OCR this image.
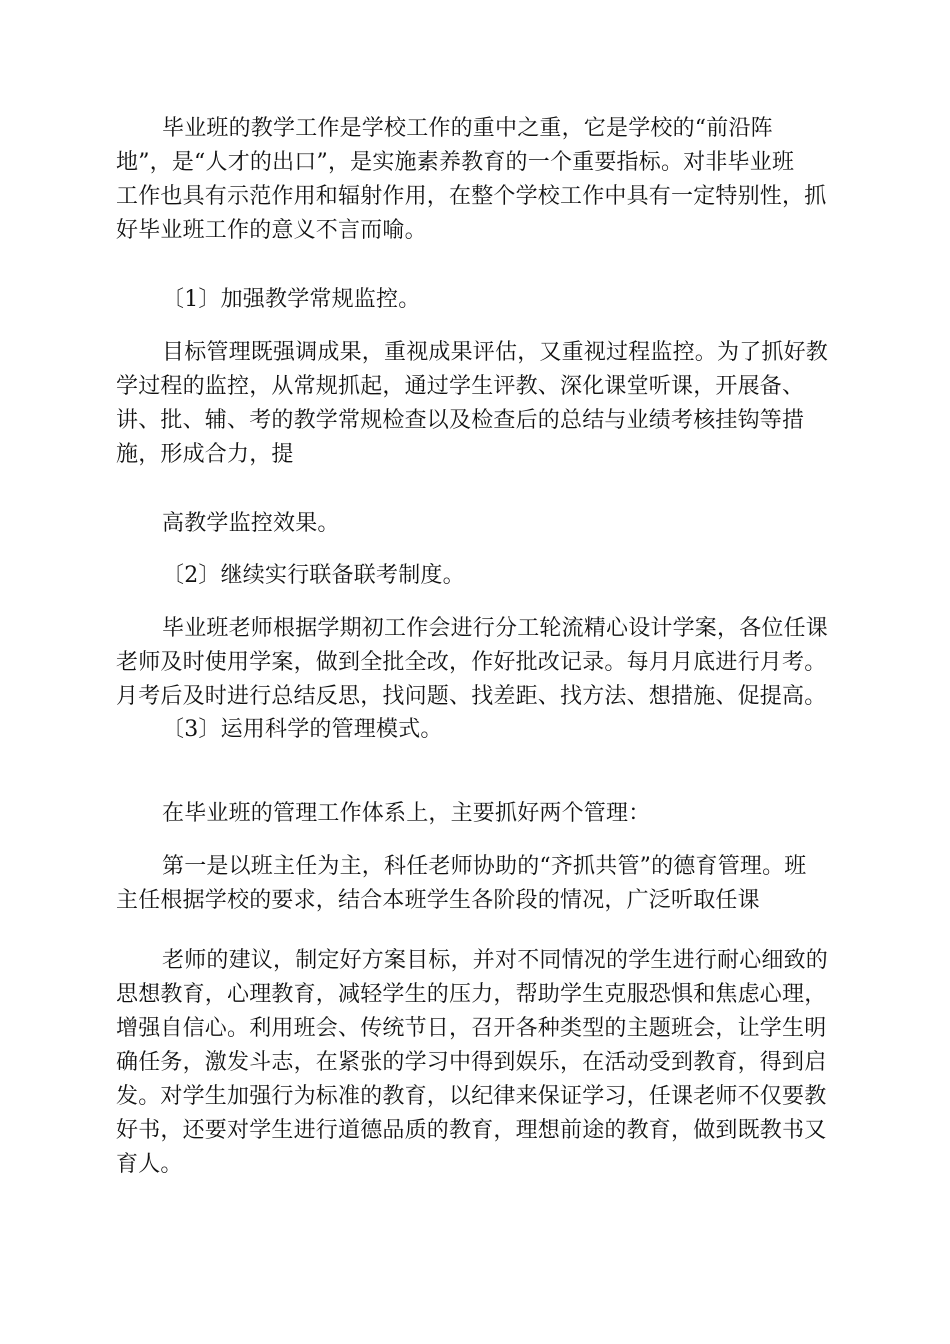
毕业班的教学工作是学校工作的重中之重，它是学校的“前沿阵
地”，是“人才的出口”，是实施素养教育的一个重要指标。对非毕业班
工作也具有示范作用和辐射作用，在整个学校工作中具有一定特别性，抓
好毕业班工作的意义不言而喻。
〔1〕加强教学常规监控。
目标管理既强调成果，重视成果评估，又重视过程监控。为了抓好教
学过程的监控，从常规抓起，通过学生评教、深化课堂听课，开展备、
讲、批、辅、考的教学常规检查以及检查后的总结与业绩考核挂钩等措
施，形成合力，提
高教学监控效果。
〔2〕继续实行联备联考制度。
毕业班老师根据学期初工作会进行分工轮流精心设计学案，各位任课
老师及时使用学案，做到全批全改，作好批改记录。每月月底进行月考。
月考后及时进行总结反思，找问题、找差距、找方法、想措施、促提高。
〔3〕运用科学的管理模式。
在毕业班的管理工作体系上，主要抓好两个管理：
第一是以班主任为主，科任老师协助的“齐抓共管”的德育管理。班
主任根据学校的要求，结合本班学生各阶段的情况，广泛听取任课
老师的建议，制定好方案目标，并对不同情况的学生进行耐心细致的
思想教育，心理教育，减轻学生的压力，帮助学生克服恐惧和焦虑心理，
增强自信心。利用班会、传统节日，召开各种类型的主题班会，让学生明
确任务，激发斗志，在紧张的学习中得到娱乐，在活动受到教育，得到启
发。对学生加强行为标准的教育，以纪律来保证学习，任课老师不仅要教
好书，还要对学生进行道德品质的教育，理想前途的教育，做到既教书又
育人。
